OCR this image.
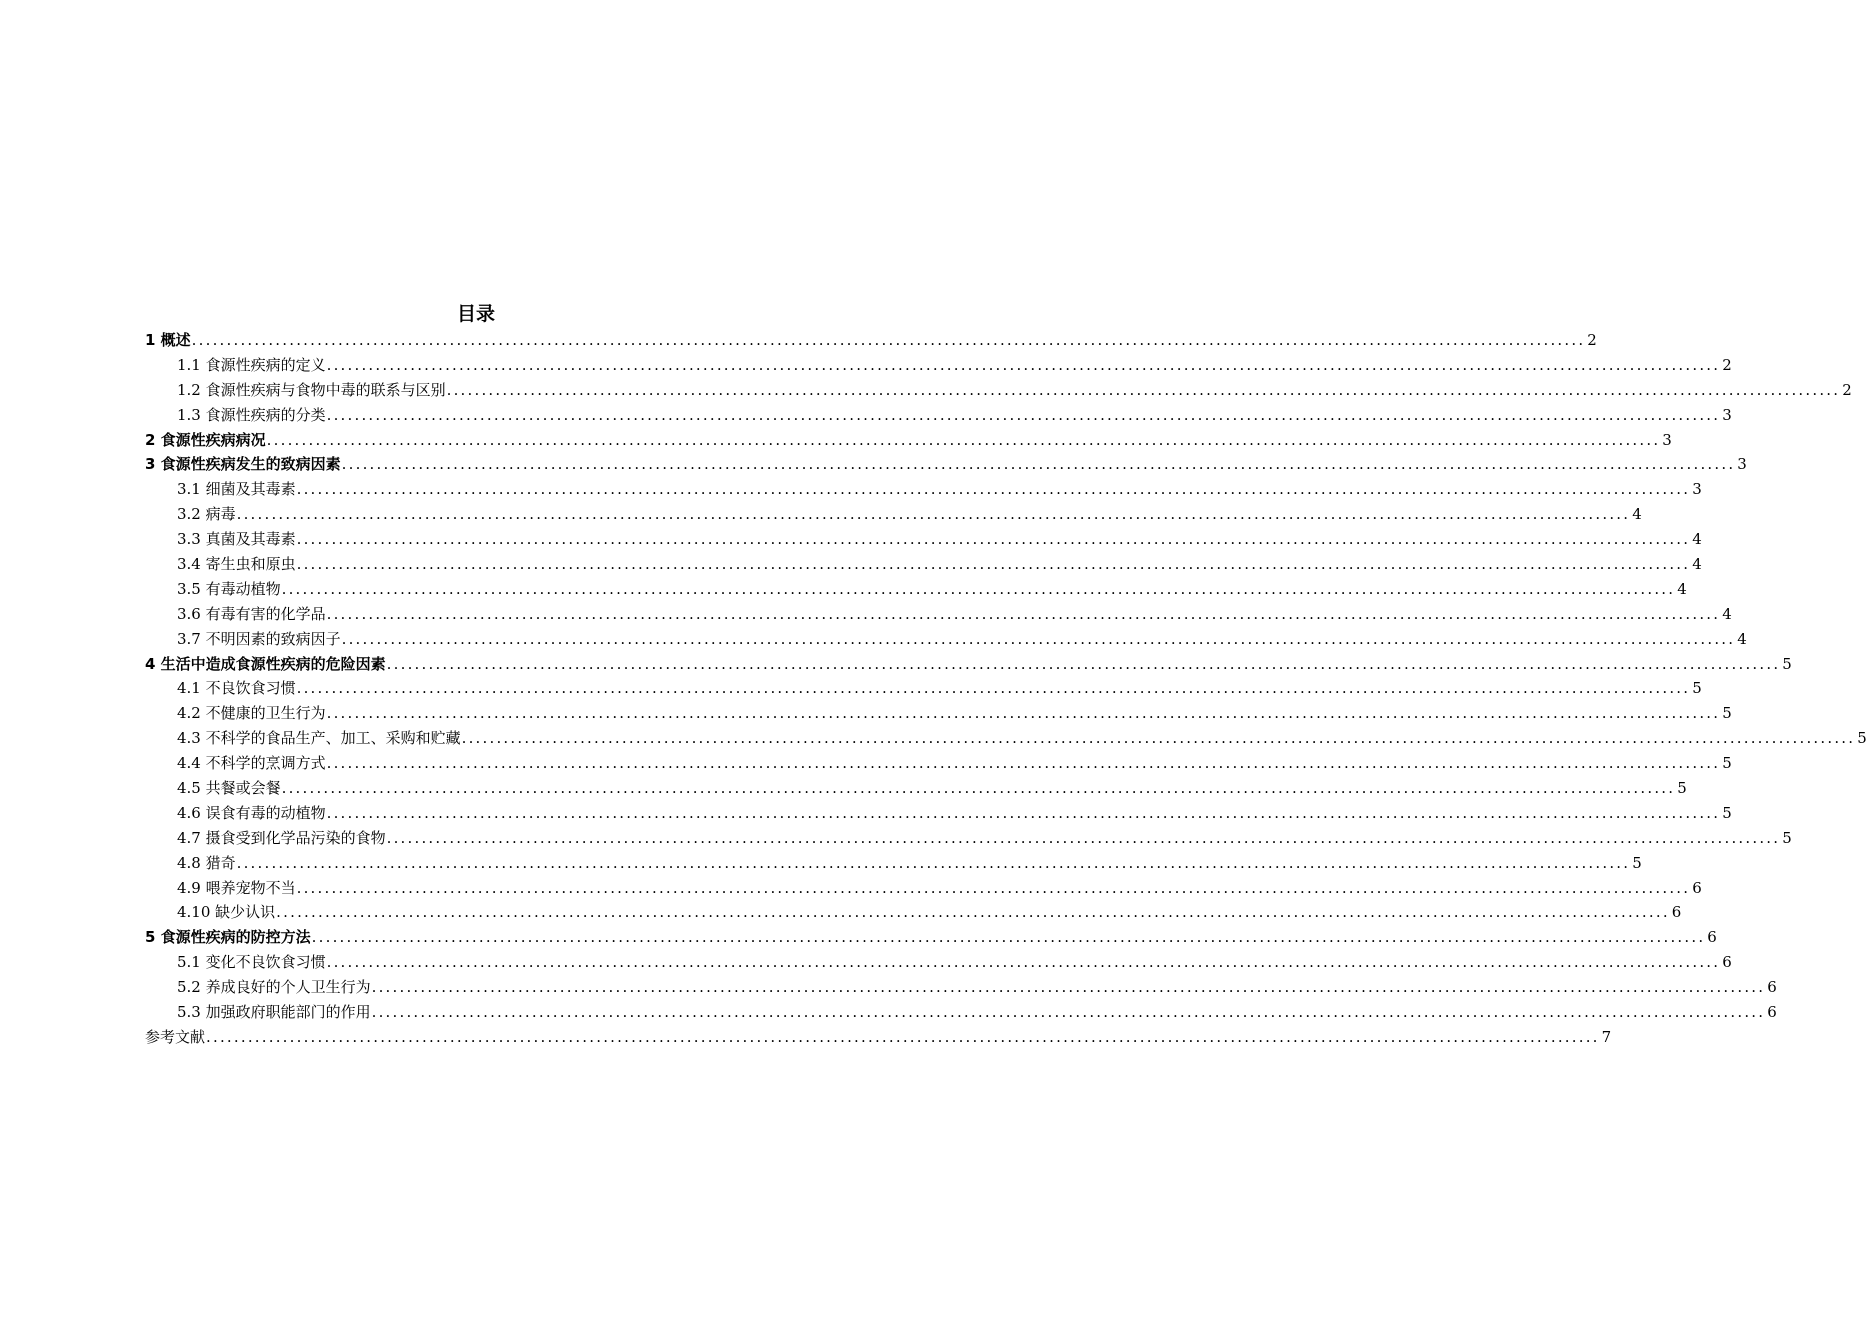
目录
1 概述 ........................................................................................................................................................................................................ 2
1.1 食源性疾病的定义 ........................................................................................................................................................................................................ 2
1.2 食源性疾病与食物中毒的联系与区别 ........................................................................................................................................................................................................ 2
1.3 食源性疾病的分类 ........................................................................................................................................................................................................ 3
2 食源性疾病病况 ........................................................................................................................................................................................................ 3
3 食源性疾病发生的致病因素 ........................................................................................................................................................................................................ 3
3.1 细菌及其毒素 ........................................................................................................................................................................................................ 3
3.2 病毒 ........................................................................................................................................................................................................ 4
3.3 真菌及其毒素 ........................................................................................................................................................................................................ 4
3.4 寄生虫和原虫 ........................................................................................................................................................................................................ 4
3.5 有毒动植物 ........................................................................................................................................................................................................ 4
3.6 有毒有害的化学品 ........................................................................................................................................................................................................ 4
3.7 不明因素的致病因子 ........................................................................................................................................................................................................ 4
4 生活中造成食源性疾病的危险因素 ........................................................................................................................................................................................................ 5
4.1 不良饮食习惯 ........................................................................................................................................................................................................ 5
4.2 不健康的卫生行为 ........................................................................................................................................................................................................ 5
4.3 不科学的食品生产、加工、采购和贮藏 ........................................................................................................................................................................................................ 5
4.4 不科学的烹调方式 ........................................................................................................................................................................................................ 5
4.5 共餐或会餐 ........................................................................................................................................................................................................ 5
4.6 误食有毒的动植物 ........................................................................................................................................................................................................ 5
4.7 摄食受到化学品污染的食物 ........................................................................................................................................................................................................ 5
4.8 猎奇 ........................................................................................................................................................................................................ 5
4.9 喂养宠物不当 ........................................................................................................................................................................................................ 6
4.10 缺少认识 ........................................................................................................................................................................................................ 6
5 食源性疾病的防控方法 ........................................................................................................................................................................................................ 6
5.1 变化不良饮食习惯 ........................................................................................................................................................................................................ 6
5.2 养成良好的个人卫生行为 ........................................................................................................................................................................................................ 6
5.3 加强政府职能部门的作用 ........................................................................................................................................................................................................ 6
参考文献 ........................................................................................................................................................................................................ 7
